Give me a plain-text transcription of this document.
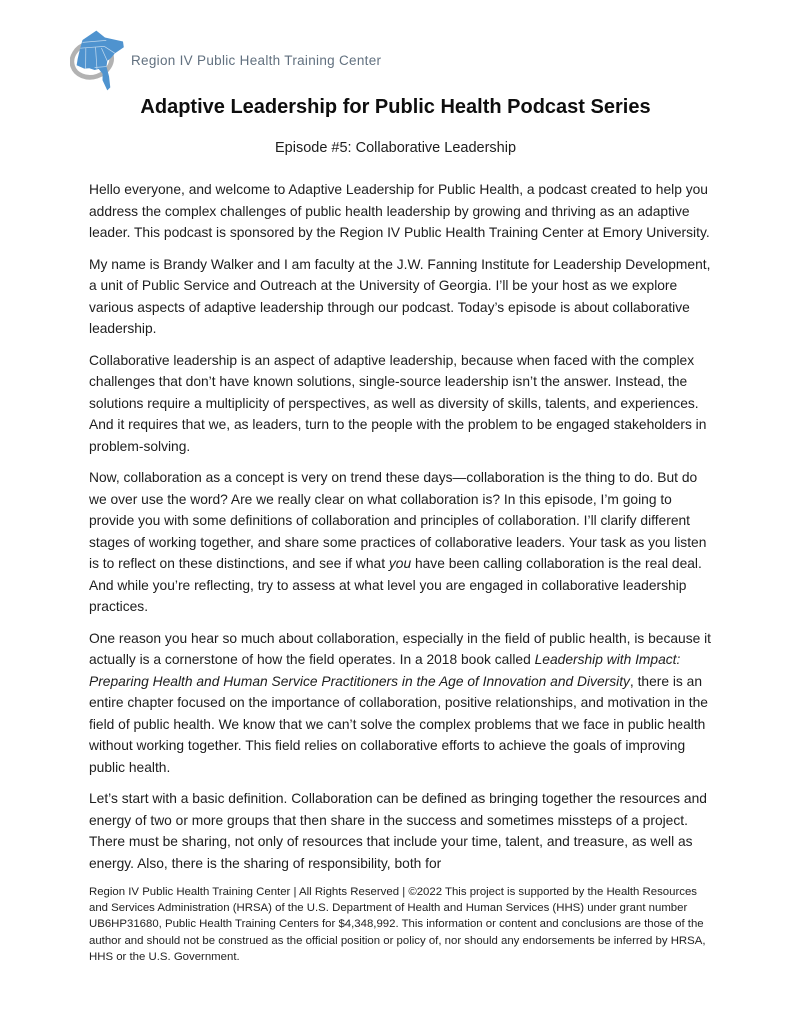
Region IV Public Health Training Center
Adaptive Leadership for Public Health Podcast Series
Episode #5: Collaborative Leadership

Hello everyone, and welcome to Adaptive Leadership for Public Health, a podcast created to help you address the complex challenges of public health leadership by growing and thriving as an adaptive leader. This podcast is sponsored by the Region IV Public Health Training Center at Emory University.

My name is Brandy Walker and I am faculty at the J.W. Fanning Institute for Leadership Development, a unit of Public Service and Outreach at the University of Georgia. I’ll be your host as we explore various aspects of adaptive leadership through our podcast. Today’s episode is about collaborative leadership.

Collaborative leadership is an aspect of adaptive leadership, because when faced with the complex challenges that don’t have known solutions, single-source leadership isn’t the answer. Instead, the solutions require a multiplicity of perspectives, as well as diversity of skills, talents, and experiences. And it requires that we, as leaders, turn to the people with the problem to be engaged stakeholders in problem-solving.

Now, collaboration as a concept is very on trend these days—collaboration is the thing to do. But do we over use the word? Are we really clear on what collaboration is? In this episode, I’m going to provide you with some definitions of collaboration and principles of collaboration. I’ll clarify different stages of working together, and share some practices of collaborative leaders. Your task as you listen is to reflect on these distinctions, and see if what you have been calling collaboration is the real deal. And while you’re reflecting, try to assess at what level you are engaged in collaborative leadership practices.

One reason you hear so much about collaboration, especially in the field of public health, is because it actually is a cornerstone of how the field operates. In a 2018 book called Leadership with Impact: Preparing Health and Human Service Practitioners in the Age of Innovation and Diversity, there is an entire chapter focused on the importance of collaboration, positive relationships, and motivation in the field of public health. We know that we can’t solve the complex problems that we face in public health without working together. This field relies on collaborative efforts to achieve the goals of improving public health.

Let’s start with a basic definition. Collaboration can be defined as bringing together the resources and energy of two or more groups that then share in the success and sometimes missteps of a project. There must be sharing, not only of resources that include your time, talent, and treasure, as well as energy. Also, there is the sharing of responsibility, both for

Region IV Public Health Training Center | All Rights Reserved | ©2022 This project is supported by the Health Resources and Services Administration (HRSA) of the U.S. Department of Health and Human Services (HHS) under grant number UB6HP31680, Public Health Training Centers for $4,348,992. This information or content and conclusions are those of the author and should not be construed as the official position or policy of, nor should any endorsements be inferred by HRSA, HHS or the U.S. Government.
